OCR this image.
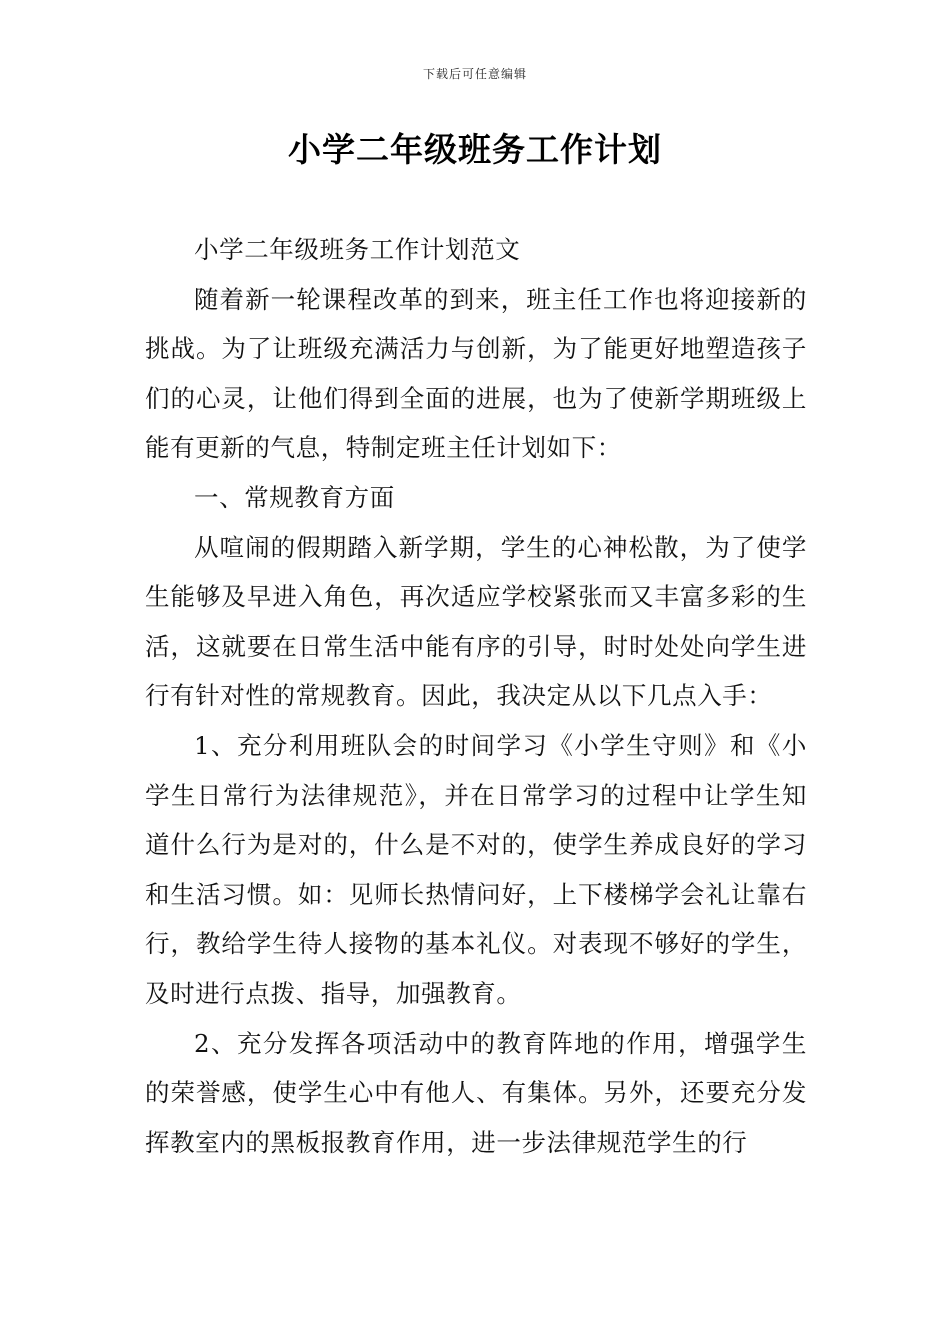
下载后可任意编辑
小学二年级班务工作计划

小学二年级班务工作计划范文

随着新一轮课程改革的到来，班主任工作也将迎接新的挑战。为了让班级充满活力与创新，为了能更好地塑造孩子们的心灵，让他们得到全面的进展，也为了使新学期班级上能有更新的气息，特制定班主任计划如下：

一、常规教育方面

从喧闹的假期踏入新学期，学生的心神松散，为了使学生能够及早进入角色，再次适应学校紧张而又丰富多彩的生活，这就要在日常生活中能有序的引导，时时处处向学生进行有针对性的常规教育。因此，我决定从以下几点入手：

1、充分利用班队会的时间学习《小学生守则》和《小学生日常行为法律规范》，并在日常学习的过程中让学生知道什么行为是对的，什么是不对的，使学生养成良好的学习和生活习惯。如：见师长热情问好，上下楼梯学会礼让靠右行，教给学生待人接物的基本礼仪。对表现不够好的学生，及时进行点拨、指导，加强教育。

2、充分发挥各项活动中的教育阵地的作用，增强学生的荣誉感，使学生心中有他人、有集体。另外，还要充分发挥教室内的黑板报教育作用，进一步法律规范学生的行
